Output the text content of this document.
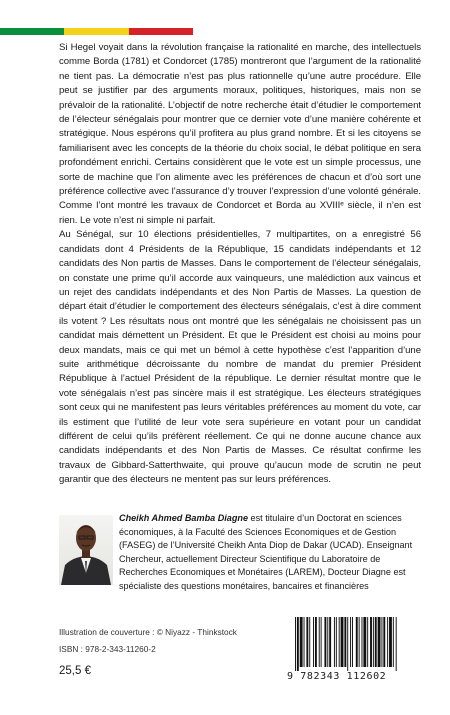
Si Hegel voyait dans la révolution française la rationalité en marche, des intellectuels comme Borda (1781) et Condorcet (1785) montreront que l’argument de la rationalité ne tient pas. La démocratie n’est pas plus rationnelle qu’une autre procédure. Elle peut se justifier par des arguments moraux, politiques, historiques, mais non se prévaloir de la rationalité. L’objectif de notre recherche était d’étudier le comportement de l’électeur sénégalais pour montrer que ce dernier vote d’une manière cohérente et stratégique. Nous espérons qu’il profitera au plus grand nombre. Et si les citoyens se familiarisent avec les concepts de la théorie du choix social, le débat politique en sera profondément enrichi. Certains considèrent que le vote est un simple processus, une sorte de machine que l’on alimente avec les préférences de chacun et d’où sort une préférence collective avec l’assurance d’y trouver l’expression d’une volonté générale. Comme l’ont montré les travaux de Condorcet et Borda au XVIIIᵉ siècle, il n’en est rien. Le vote n’est ni simple ni parfait.

Au Sénégal, sur 10 élections présidentielles, 7 multipartites, on a enregistré 56 candidats dont 4 Présidents de la République, 15 candidats indépendants et 12 candidats des Non partis de Masses. Dans le comportement de l’électeur sénégalais, on constate une prime qu’il accorde aux vainqueurs, une malédiction aux vaincus et un rejet des candidats indépendants et des Non Partis de Masses. La question de départ était d’étudier le comportement des électeurs sénégalais, c’est à dire comment ils votent ? Les résultats nous ont montré que les sénégalais ne choisissent pas un candidat mais démettent un Président. Et que le Président est choisi au moins pour deux mandats, mais ce qui met un bémol à cette hypothèse c’est l’apparition d’une suite arithmétique décroissante du nombre de mandat du premier Président République à l’actuel Président de la république. Le dernier résultat montre que le vote sénégalais n’est pas sincère mais il est stratégique. Les électeurs stratégiques sont ceux qui ne manifestent pas leurs véritables préférences au moment du vote, car ils estiment que l’utilité de leur vote sera supérieure en votant pour un candidat différent de celui qu’ils préfèrent réellement. Ce qui ne donne aucune chance aux candidats indépendants et des Non Partis de Masses. Ce résultat confirme les travaux de Gibbard-Satterthwaite, qui prouve qu’aucun mode de scrutin ne peut garantir que des électeurs ne mentent pas sur leurs préférences.

Cheikh Ahmed Bamba Diagne est titulaire d’un Doctorat en sciences économiques, à la Faculté des Sciences Economiques et de Gestion (FASEG) de l’Université Cheikh Anta Diop de Dakar (UCAD). Enseignant Chercheur, actuellement Directeur Scientifique du Laboratoire de Recherches Economiques et Monétaires (LAREM), Docteur Diagne est spécialiste des questions monétaires, bancaires et financières
Illustration de couverture : © Niyazz - Thinkstock
ISBN : 978-2-343-11260-2
25,5 €	9 782343 112602
